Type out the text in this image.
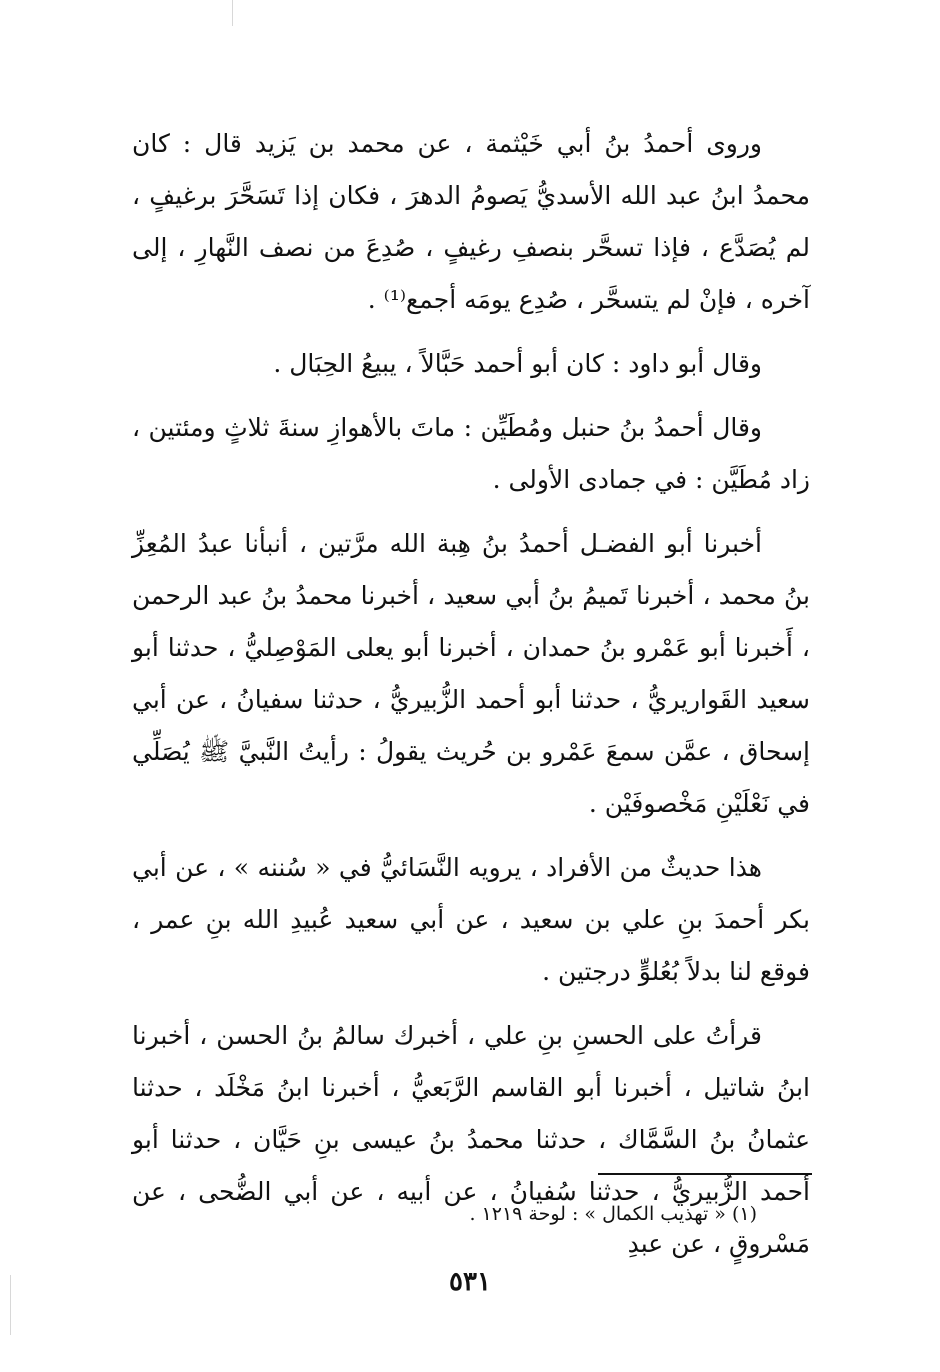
وروى أحمدُ بنُ أبي خَيْثمة ، عن محمد بن يَزيد قال : كان محمدُ ابنُ عبد الله الأسديُّ يَصومُ الدهرَ ، فكان إذا تَسَحَّرَ برغيفٍ ، لم يُصَدَّع ، فإذا تسحَّر بنصفِ رغيفٍ ، صُدِعَ من نصف النَّهارِ ، إلى آخره ، فإنْ لم يتسحَّر ، صُدِع يومَه أجمع⁽¹⁾ .

وقال أبو داود : كان أبو أحمد حَبَّالاً ، يبيعُ الحِبَال .

وقال أحمدُ بنُ حنبل ومُطَيِّن : ماتَ بالأهوازِ سنةَ ثلاثٍ ومئتين ، زاد مُطَيَّن : في جمادى الأولى .

أخبرنا أبو الفضـل أحمدُ بنُ هِبة الله مرَّتين ، أنبأنا عبدُ المُعِزِّ بنُ محمد ، أخبرنا تَميمُ بنُ أبي سعيد ، أخبرنا محمدُ بنُ عبد الرحمن ، أَخبرنا أبو عَمْرو بنُ حمدان ، أخبرنا أبو يعلى المَوْصِليُّ ، حدثنا أبو سعيد القَواريريُّ ، حدثنا أبو أحمد الزُّبيريُّ ، حدثنا سفيانُ ، عن أبي إسحاق ، عمَّن سمعَ عَمْرو بن حُريث يقولُ : رأيتُ النَّبيَّ ﷺ يُصَلِّي في نَعْلَيْنِ مَخْصوفَيْن .

هذا حديثٌ من الأفراد ، يرويه النَّسَائيُّ في « سُننه » ، عن أبي بكر أحمدَ بنِ علي بن سعيد ، عن أبي سعيد عُبيدِ الله بنِ عمر ، فوقع لنا بدلاً بُعُلوٍّ درجتين .

قرأتُ على الحسنِ بنِ علي ، أخبرك سالمُ بنُ الحسن ، أخبرنا ابنُ شاتيل ، أخبرنا أبو القاسم الرَّبَعيُّ ، أخبرنا ابنُ مَخْلَد ، حدثنا عثمانُ بنُ السَّمَّاك ، حدثنا محمدُ بنُ عيسى بنِ حَيَّان ، حدثنا أبو أحمد الزُّبيريُّ ، حدثنا سُفيانُ ، عن أبيه ، عن أبي الضُّحى ، عن مَسْروقٍ ، عن عبدِ

(١) « تهذيب الكمال » : لوحة ١٢١٩ .
٥٣١
